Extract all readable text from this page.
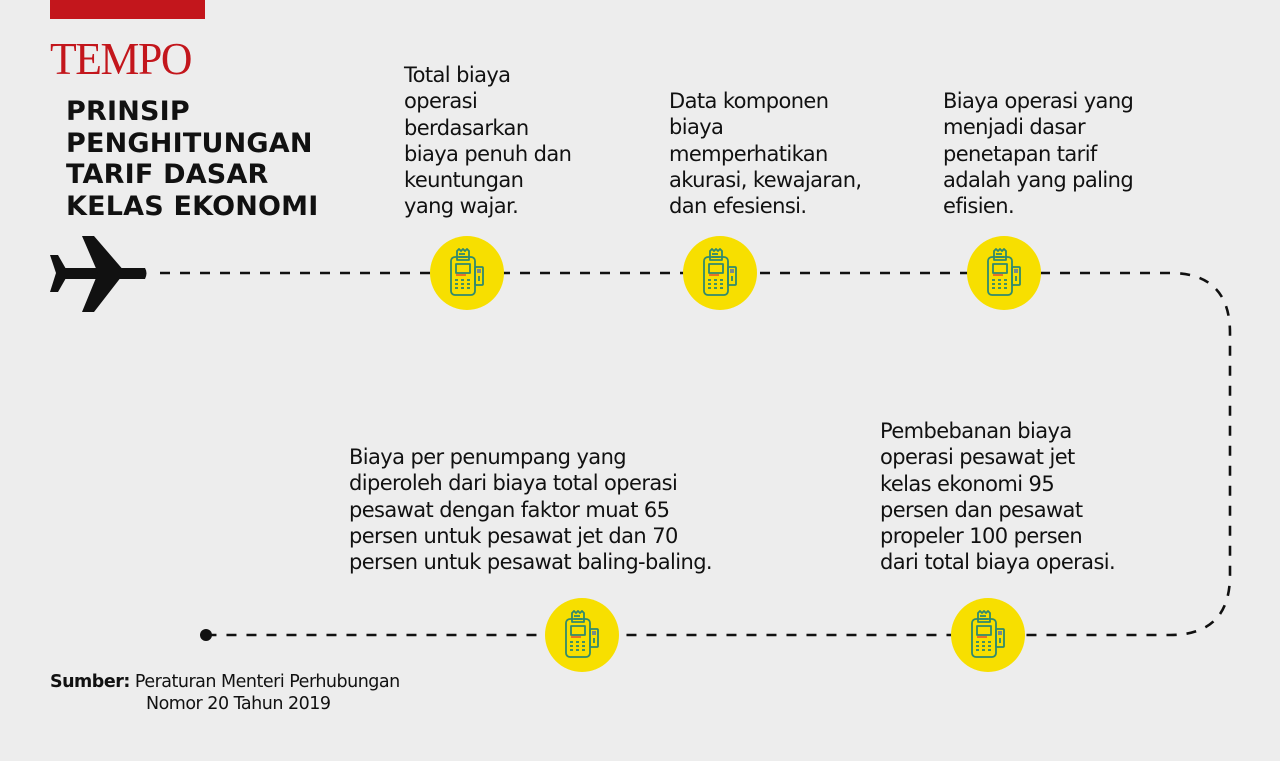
TEMPO
PRINSIP
PENGHITUNGAN
TARIF DASAR
KELAS EKONOMI
Total biaya
operasi
berdasarkan
biaya penuh dan
keuntungan
yang wajar.
Data komponen
biaya
memperhatikan
akurasi, kewajaran,
dan efesiensi.
Biaya operasi yang
menjadi dasar
penetapan tarif
adalah yang paling
efisien.
Pembebanan biaya
operasi pesawat jet
kelas ekonomi 95
persen dan pesawat
propeler 100 persen
dari total biaya operasi.
Biaya per penumpang yang
diperoleh dari biaya total operasi
pesawat dengan faktor muat 65
persen untuk pesawat jet dan 70
persen untuk pesawat baling-baling.
Sumber: Peraturan Menteri Perhubungan
Nomor 20 Tahun 2019
